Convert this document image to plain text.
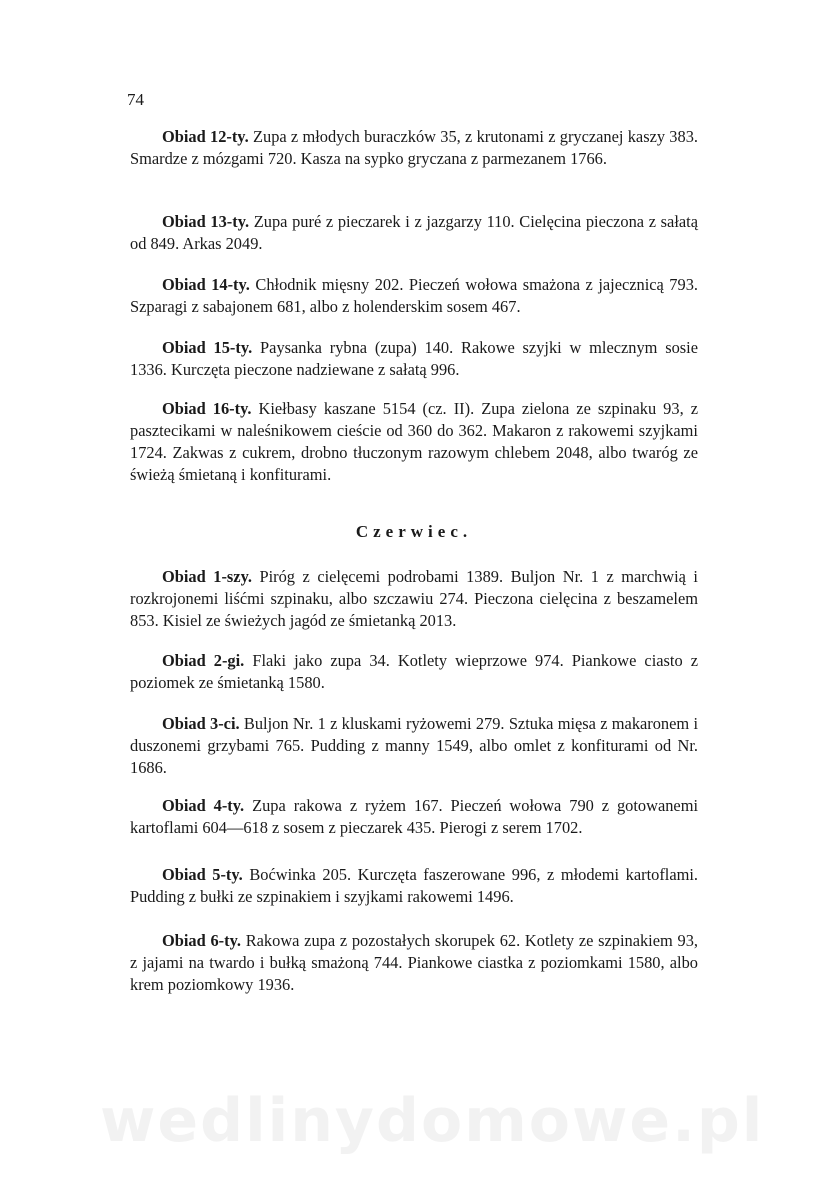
74

Obiad 12-ty. Zupa z młodych buraczków 35, z krutonami z gryczanej kaszy 383. Smardze z mózgami 720. Kasza na sypko gryczana z parmezanem 1766.

Obiad 13-ty. Zupa puré z pieczarek i z jazgarzy 110. Cielęcina pieczona z sałatą od 849. Arkas 2049.

Obiad 14-ty. Chłodnik mięsny 202. Pieczeń wołowa smażona z jajecznicą 793. Szparagi z sabajonem 681, albo z holenderskim sosem 467.

Obiad 15-ty. Paysanka rybna (zupa) 140. Rakowe szyjki w mlecznym sosie 1336. Kurczęta pieczone nadziewane z sałatą 996.

Obiad 16-ty. Kiełbasy kaszane 5154 (cz. II). Zupa zielona ze szpinaku 93, z pasztecikami w naleśnikowem cieście od 360 do 362. Makaron z rakowemi szyjkami 1724. Zakwas z cukrem, drobno tłuczonym razowym chlebem 2048, albo twaróg ze świeżą śmietaną i konfiturami.

Czerwiec.

Obiad 1-szy. Piróg z cielęcemi podrobami 1389. Buljon Nr. 1 z marchwią i rozkrojonemi liśćmi szpinaku, albo szczawiu 274. Pieczona cielęcina z beszamelem 853. Kisiel ze świeżych jagód ze śmietanką 2013.

Obiad 2-gi. Flaki jako zupa 34. Kotlety wieprzowe 974. Piankowe ciasto z poziomek ze śmietanką 1580.

Obiad 3-ci. Buljon Nr. 1 z kluskami ryżowemi 279. Sztuka mięsa z makaronem i duszonemi grzybami 765. Pudding z manny 1549, albo omlet z konfiturami od Nr. 1686.

Obiad 4-ty. Zupa rakowa z ryżem 167. Pieczeń wołowa 790 z gotowanemi kartoflami 604—618 z sosem z pieczarek 435. Pierogi z serem 1702.

Obiad 5-ty. Boćwinka 205. Kurczęta faszerowane 996, z młodemi kartoflami. Pudding z bułki ze szpinakiem i szyjkami rakowemi 1496.

Obiad 6-ty. Rakowa zupa z pozostałych skorupek 62. Kotlety ze szpinakiem 93, z jajami na twardo i bułką smażoną 744. Piankowe ciastka z poziomkami 1580, albo krem poziomkowy 1936.

wedlinydomowe.pl
